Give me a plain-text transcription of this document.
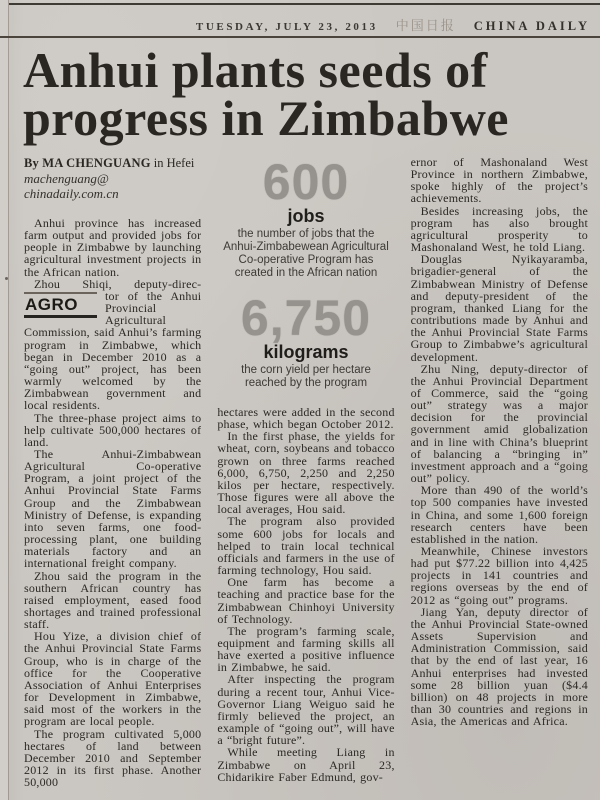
TUESDAY, JULY 23, 2013 中国日报 CHINA DAILY
Anhui plants seeds of
progress in Zimbabwe
By MA CHENGUANG in Hefei
machenguang@
chinadaily.com.cn

Anhui province has increased farm output and provided jobs for people in Zimbabwe by launching agricultural investment projects in the African nation.

Zhou Shiqi, deputy-direc-

AGRO	tor of the Anhui Provincial Agricultural Commission, said Anhui’s farming program in Zimbabwe, which began in December 2010 as a “going out” project, has been warmly welcomed by the Zimbabwean government and local residents.

The three-phase project aims to help cultivate 500,000 hectares of land.

The Anhui-Zimbabwean Agricultural Co-operative Program, a joint project of the Anhui Provincial State Farms Group and the Zimbabwean Ministry of Defense, is expanding into seven farms, one food-processing plant, one building materials factory and an international freight company.

Zhou said the program in the southern African country has raised employment, eased food shortages and trained professional staff.

Hou Yize, a division chief of the Anhui Provincial State Farms Group, who is in charge of the office for the Cooperative Association of Anhui Enterprises for Development in Zimbabwe, said most of the workers in the program are local people.

The program cultivated 5,000 hectares of land between December 2010 and September 2012 in its first phase. Another 50,000

600
jobs
the number of jobs that the Anhui-Zimbabewean Agricultural Co-operative Program has created in the African nation
6,750
kilograms
the corn yield per hectare reached by the program

hectares were added in the second phase, which began October 2012.

In the first phase, the yields for wheat, corn, soybeans and tobacco grown on three farms reached 6,000, 6,750, 2,250 and 2,250 kilos per hectare, respectively. Those figures were all above the local averages, Hou said.

The program also provided some 600 jobs for locals and helped to train local technical officials and farmers in the use of farming technology, Hou said.

One farm has become a teaching and practice base for the Zimbabwean Chinhoyi University of Technology.

The program’s farming scale, equipment and farming skills all have exerted a positive influence in Zimbabwe, he said.

After inspecting the program during a recent tour, Anhui Vice-Governor Liang Weiguo said he firmly believed the project, an example of “going out”, will have a “bright future”.

While meeting Liang in Zimbabwe on April 23, Chidarikire Faber Edmund, gov-

ernor of Mashonaland West Province in northern Zimbabwe, spoke highly of the project’s achievements.

Besides increasing jobs, the program has also brought agricultural prosperity to Mashonaland West, he told Liang.

Douglas Nyikayaramba, brigadier-general of the Zimbabwean Ministry of Defense and deputy-president of the program, thanked Liang for the contributions made by Anhui and the Anhui Provincial State Farms Group to Zimbabwe’s agricultural development.

Zhu Ning, deputy-director of the Anhui Provincial Department of Commerce, said the “going out” strategy was a major decision for the provincial government amid globalization and in line with China’s blueprint of balancing a “bringing in” investment approach and a “going out” policy.

More than 490 of the world’s top 500 companies have invested in China, and some 1,600 foreign research centers have been established in the nation.

Meanwhile, Chinese investors had put $77.22 billion into 4,425 projects in 141 countries and regions overseas by the end of 2012 as “going out” programs.

Jiang Yan, deputy director of the Anhui Provincial State-owned Assets Supervision and Administration Commission, said that by the end of last year, 16 Anhui enterprises had invested some 28 billion yuan ($4.4 billion) on 48 projects in more than 30 countries and regions in Asia, the Americas and Africa.
